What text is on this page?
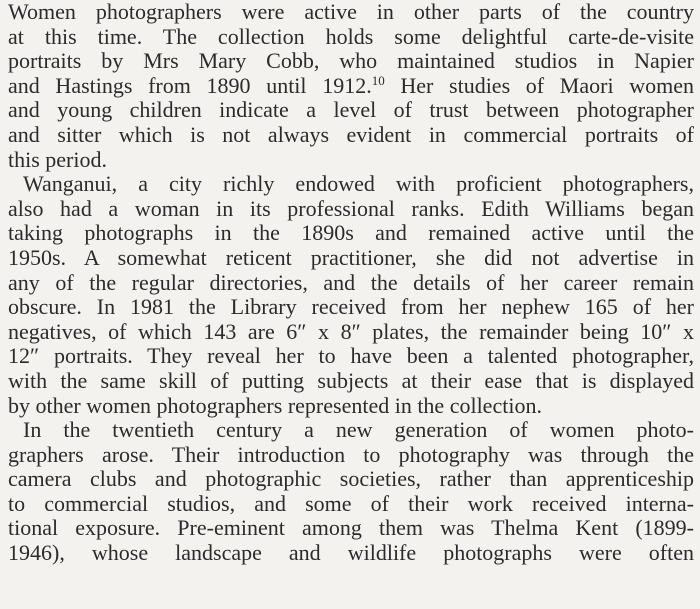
Women photographers were active in other parts of the country
at this time. The collection holds some delightful carte-de-visite
portraits by Mrs Mary Cobb, who maintained studios in Napier
and Hastings from 1890 until 1912.10 Her studies of Maori women
and young children indicate a level of trust between photographer
and sitter which is not always evident in commercial portraits of
this period.

Wanganui, a city richly endowed with proficient photographers,
also had a woman in its professional ranks. Edith Williams began
taking photographs in the 1890s and remained active until the
1950s. A somewhat reticent practitioner, she did not advertise in
any of the regular directories, and the details of her career remain
obscure. In 1981 the Library received from her nephew 165 of her
negatives, of which 143 are 6″ x 8″ plates, the remainder being 10″ x
12″ portraits. They reveal her to have been a talented photographer,
with the same skill of putting subjects at their ease that is displayed
by other women photographers represented in the collection.

In the twentieth century a new generation of women photo-
graphers arose. Their introduction to photography was through the
camera clubs and photographic societies, rather than apprenticeship
to commercial studios, and some of their work received interna-
tional exposure. Pre-eminent among them was Thelma Kent (1899-
1946), whose landscape and wildlife photographs were often
